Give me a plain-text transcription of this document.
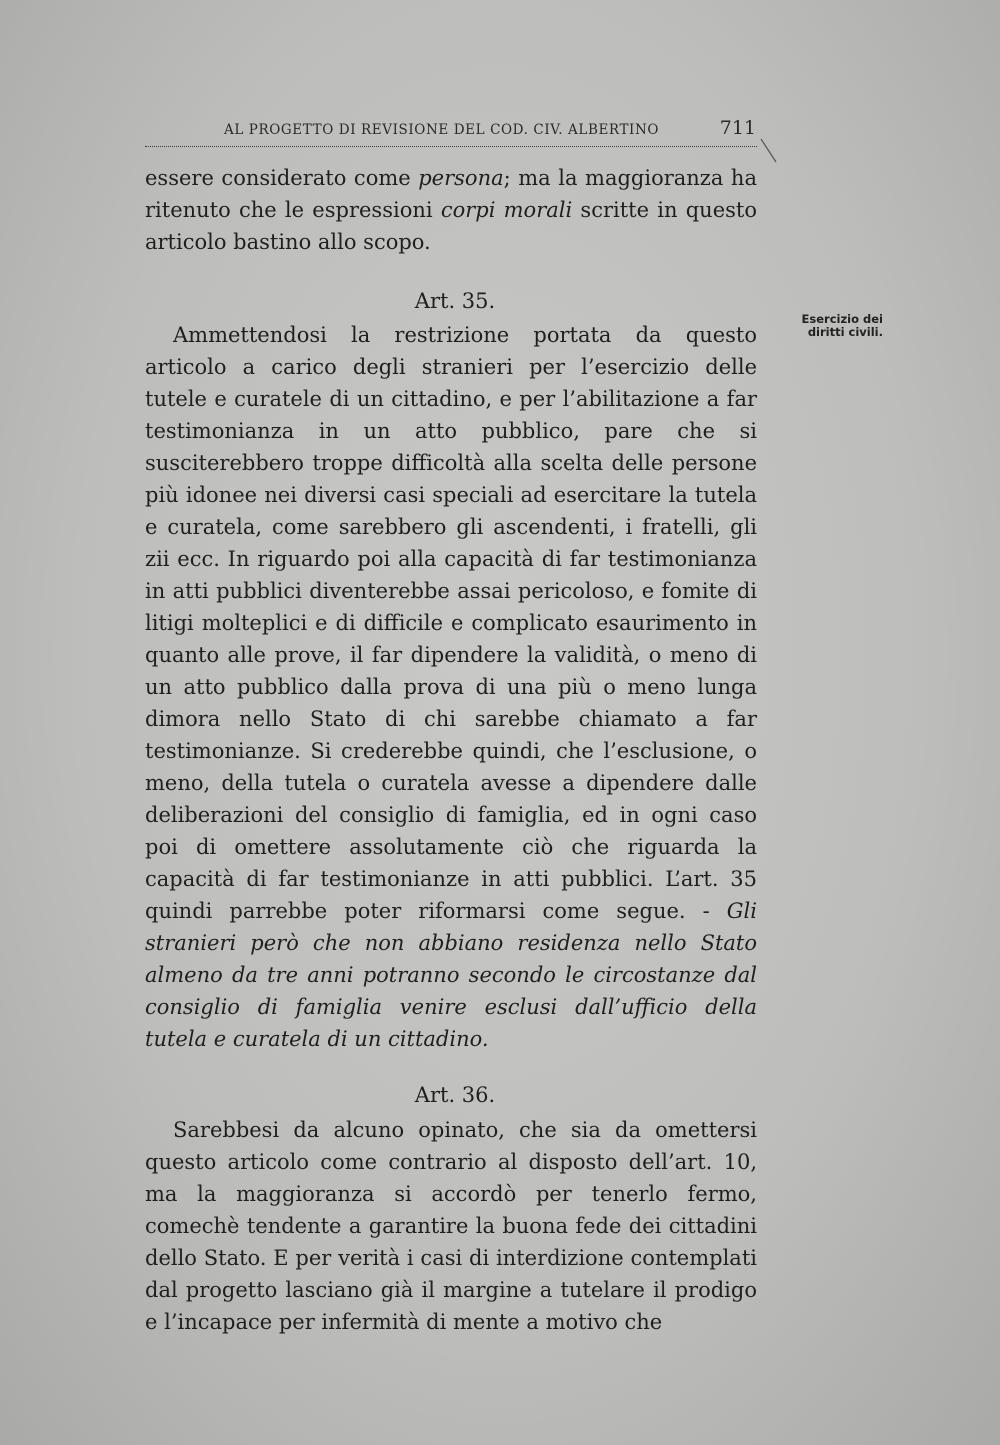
AL PROGETTO DI REVISIONE DEL COD. CIV. ALBERTINO	711
Esercizio dei
diritti civili.

essere considerato come persona; ma la maggioranza ha ritenuto che le espressioni corpi morali scritte in questo articolo bastino allo scopo.

Art. 35.

Ammettendosi la restrizione portata da questo articolo a carico degli stranieri per l’esercizio delle tutele e curatele di un cittadino, e per l’abilitazione a far testimonianza in un atto pubblico, pare che si susciterebbero troppe difficoltà alla scelta delle persone più idonee nei diversi casi speciali ad esercitare la tutela e curatela, come sarebbero gli ascendenti, i fratelli, gli zii ecc. In riguardo poi alla capacità di far testimonianza in atti pubblici diventerebbe assai pericoloso, e fomite di litigi molteplici e di difficile e complicato esaurimento in quanto alle prove, il far dipendere la validità, o meno di un atto pubblico dalla prova di una più o meno lunga dimora nello Stato di chi sarebbe chiamato a far testimonianze. Si crederebbe quindi, che l’esclusione, o meno, della tutela o curatela avesse a dipendere dalle deliberazioni del consiglio di famiglia, ed in ogni caso poi di omettere assolutamente ciò che riguarda la capacità di far testimonianze in atti pubblici. L’art. 35 quindi parrebbe poter riformarsi come segue. - Gli stranieri però che non abbiano residenza nello Stato almeno da tre anni potranno secondo le circostanze dal consiglio di famiglia venire esclusi dall’ufficio della tutela e curatela di un cittadino.

Art. 36.

Sarebbesi da alcuno opinato, che sia da omettersi questo articolo come contrario al disposto dell’art. 10, ma la maggioranza si accordò per tenerlo fermo, comechè tendente a garantire la buona fede dei cittadini dello Stato. E per verità i casi di interdizione contemplati dal progetto lasciano già il margine a tutelare il prodigo e l’incapace per infermità di mente a motivo che
